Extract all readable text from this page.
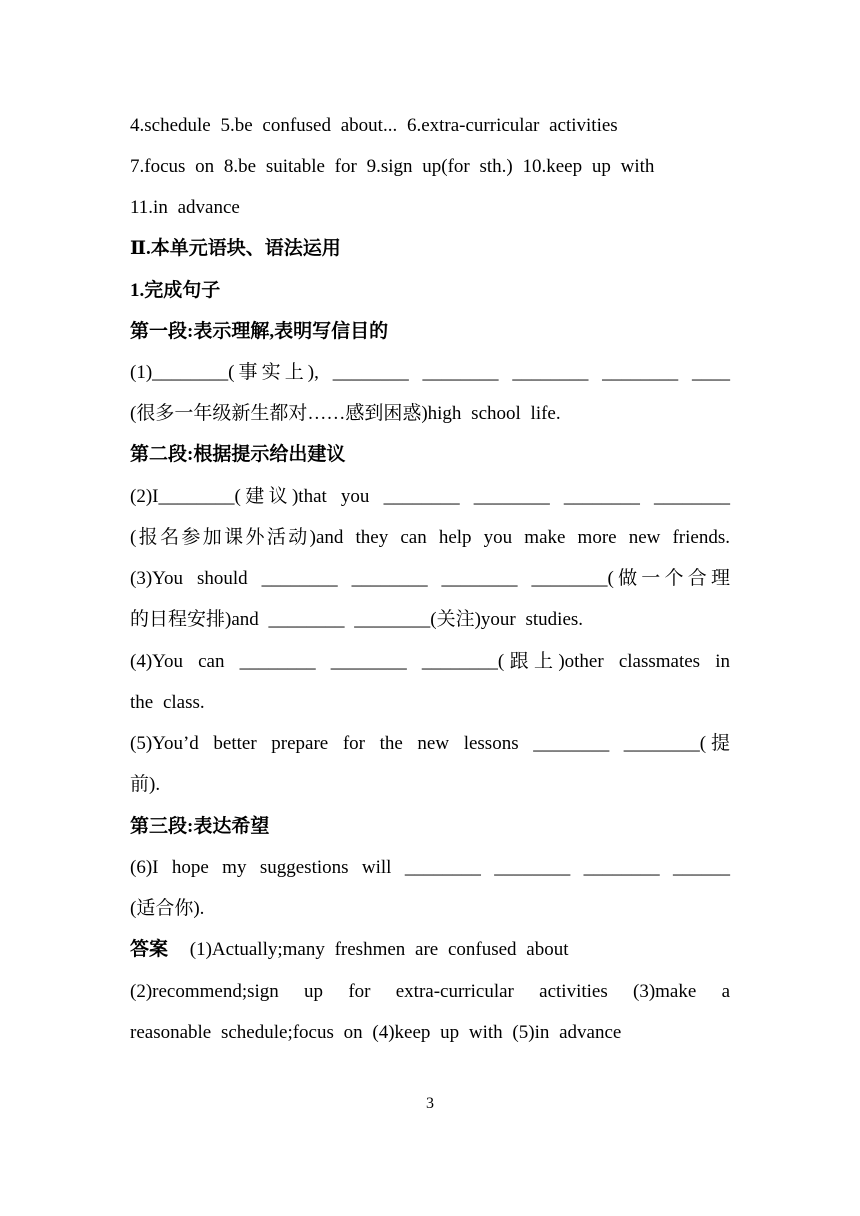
4.schedule 5.be confused about... 6.extra-curricular activities
7.focus on 8.be suitable for 9.sign up(for sth.) 10.keep up with
11.in advance
Ⅱ.本单元语块、语法运用
1.完成句子
第一段:表示理解,表明写信目的
(1)________(事实上), ________ ________ ________ ________ ____
(很多一年级新生都对……感到困惑)high school life.
第二段:根据提示给出建议
(2)I________(建议)that you ________ ________ ________ ________
(报名参加课外活动)and they can help you make more new friends.
(3)You should ________ ________ ________ ________(做一个合理
的日程安排)and ________ ________(关注)your studies.
(4)You can ________ ________ ________(跟上)other classmates in
the class.
(5)You’d better prepare for the new lessons ________ ________(提
前).
第三段:表达希望
(6)I hope my suggestions will ________ ________ ________ ______
(适合你).
答案 (1)Actually;many freshmen are confused about
(2)recommend;sign up for extra-curricular activities (3)make a
reasonable schedule;focus on (4)keep up with (5)in advance
3
